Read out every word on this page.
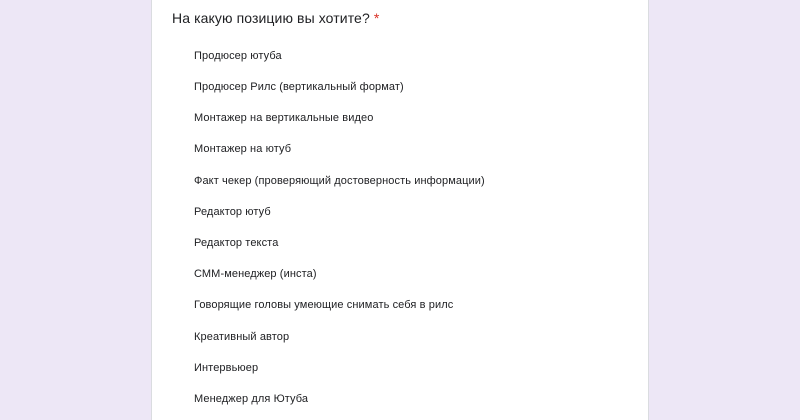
На какую позицию вы хотите? *
Продюсер ютуба
Продюсер Рилс (вертикальный формат)
Монтажер на вертикальные видео
Монтажер на ютуб
Факт чекер (проверяющий достоверность информации)
Редактор ютуб
Редактор текста
СММ-менеджер (инста)
Говорящие головы умеющие снимать себя в рилс
Креативный автор
Интервьюер
Менеджер для Ютуба
